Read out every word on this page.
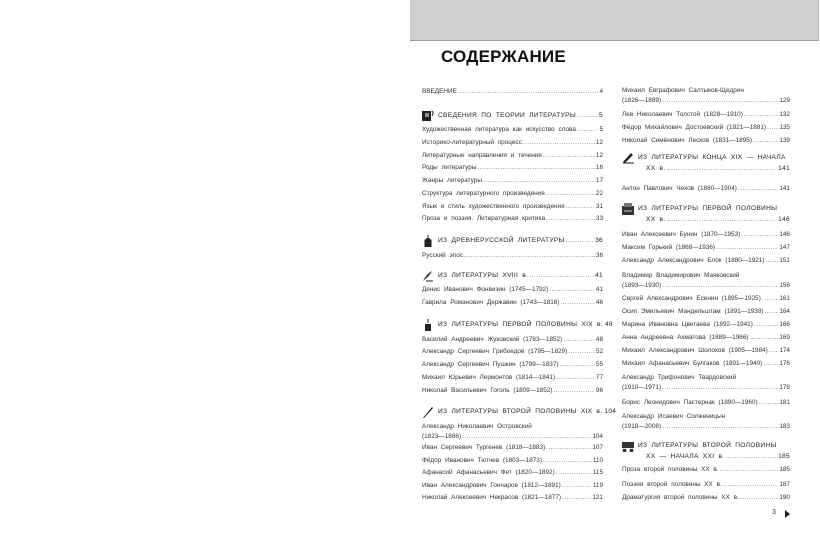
СОДЕРЖАНИЕ
ВВЕДЕНИЕ .....	4
СВЕДЕНИЯ ПО ТЕОРИИ ЛИТЕРАТУРЫ .....	5
Художественная литература как искусство слова .....	5
Историко-литературный процесс .....	12
Литературные направления и течения .....	12
Роды литературы .....	16
Жанры литературы .....	17
Структура литературного произведения .....	22
Язык и стиль художественного произведения .....	31
Проза и поэзия. Литературная критика .....	33
ИЗ ДРЕВНЕРУССКОЙ ЛИТЕРАТУРЫ .....	36
Русский эпос .....	36
ИЗ ЛИТЕРАТУРЫ XVIII в. .....	41
Денис Иванович Фонвизин (1745—1792) .....	41
Гаврила Романович Державин (1743—1816) .....	46
ИЗ ЛИТЕРАТУРЫ ПЕРВОЙ ПОЛОВИНЫ XIX в. 48
Василий Андреевич Жуковский (1783—1852) .....	48
Александр Сергеевич Грибоедов (1795—1829) .....	52
Александр Сергеевич Пушкин (1799—1837) .....	55
Михаил Юрьевич Лермонтов (1814—1841) .....	77
Николай Васильевич Гоголь (1809—1852) .....	96
ИЗ ЛИТЕРАТУРЫ ВТОРОЙ ПОЛОВИНЫ XIX в. 104
Александр Николаевич Островский
(1823—1886) .....	104
Иван Сергеевич Тургенев (1818—1883) .....	107
Фёдор Иванович Тютчев (1803—1873) .....	110
Афанасий Афанасьевич Фет (1820—1892) .....	115
Иван Александрович Гончаров (1812—1891) .....	119
Николай Алексеевич Некрасов (1821—1877) .....	121
Михаил Евграфович Салтыков-Щедрин
(1826—1889) .....	129
Лев Николаевич Толстой (1828—1910) .....	132
Фёдор Михайлович Достоевский (1821—1881) ..... 135
Николай Семёнович Лесков (1831—1895) .....	139
ИЗ ЛИТЕРАТУРЫ КОНЦА XIX — НАЧАЛА
XX в. .....	141
Антон Павлович Чехов (1860—1904) .....	141
ИЗ ЛИТЕРАТУРЫ ПЕРВОЙ ПОЛОВИНЫ
XX в. .....	146
Иван Алексеевич Бунин (1870—1953) .....	146
Максим Горький (1868—1936) .....	147
Александр Александрович Блок (1880—1921) ..... 151
Владимир Владимирович Маяковский
(1893—1930) .....	156
Сергей Александрович Есенин (1895—1925) .....	161
Осип Эмильевич Мандельштам (1891—1938) ..... 164
Марина Ивановна Цветаева (1892—1941) .....	166
Анна Андреевна Ахматова (1889—1966) .....	169
Михаил Александрович Шолохов (1905—1984) ..... 174
Михаил Афанасьевич Булгаков (1891—1940) .....	176
Александр Трифонович Твардовский
(1910—1971) .....	178
Борис Леонидович Пастернак (1890—1960) .....	181
Александр Исаевич Солженицын
(1918—2008) .....	183
ИЗ ЛИТЕРАТУРЫ ВТОРОЙ ПОЛОВИНЫ
XX — НАЧАЛА XXI в. .....	185
Проза второй половины XX в. .....	185
Поэзия второй половины XX в. .....	187
Драматургия второй половины XX в. .....	190
3
